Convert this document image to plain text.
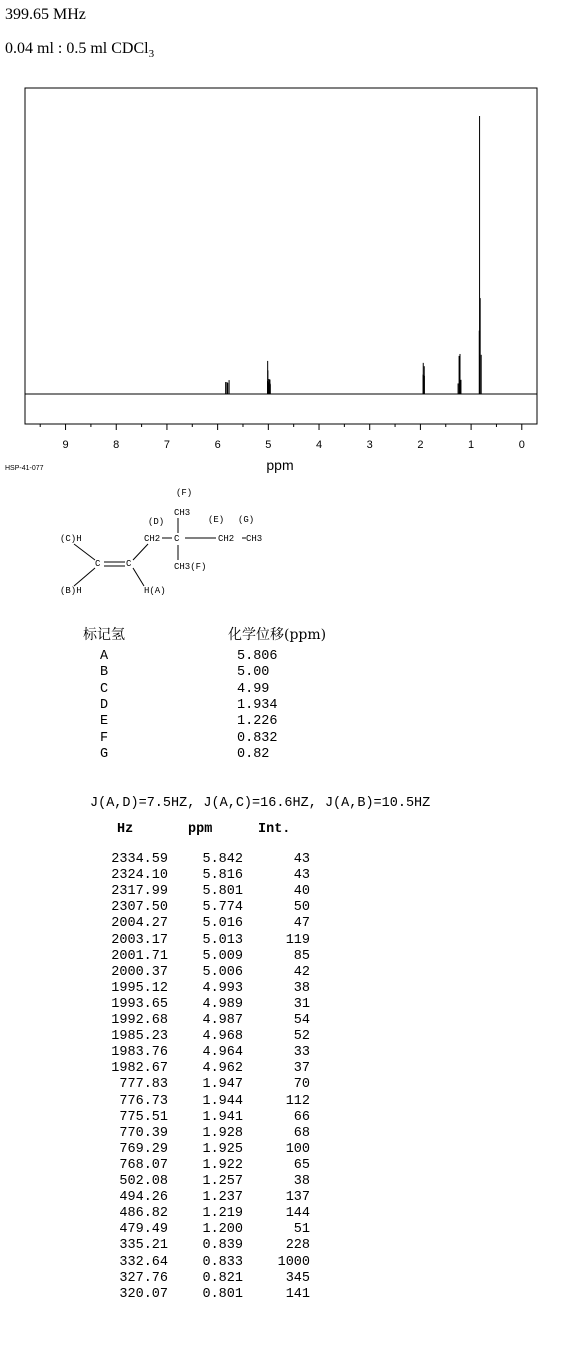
399.65 MHz
0.04 ml : 0.5 ml CDCl$_3$
9	8	7	6	5	4	3	2	1	0
ppm
HSP-41-077
(F)
CH3
(D)	(E) (G)
(C)H	CH2 C	CH2 CH3
C	C	CH3(F)
(B)H	H(A)
标记氢	化学位移(ppm)
A	5.806
B	5.00
C	4.99
D	1.934
E	1.226
F	0.832
G	0.82
J(A,D)=7.5HZ, J(A,C)=16.6HZ, J(A,B)=10.5HZ
Hz	ppm	Int.
2334.59	5.842	43
2324.10	5.816	43
2317.99	5.801	40
2307.50	5.774	50
2004.27	5.016	47
2003.17	5.013	119
2001.71	5.009	85
2000.37	5.006	42
1995.12	4.993	38
1993.65	4.989	31
1992.68	4.987	54
1985.23	4.968	52
1983.76	4.964	33
1982.67	4.962	37
777.83	1.947	70
776.73	1.944	112
775.51	1.941	66
770.39	1.928	68
769.29	1.925	100
768.07	1.922	65
502.08	1.257	38
494.26	1.237	137
486.82	1.219	144
479.49	1.200	51
335.21	0.839	228
332.64	0.833	1000
327.76	0.821	345
320.07	0.801	141
